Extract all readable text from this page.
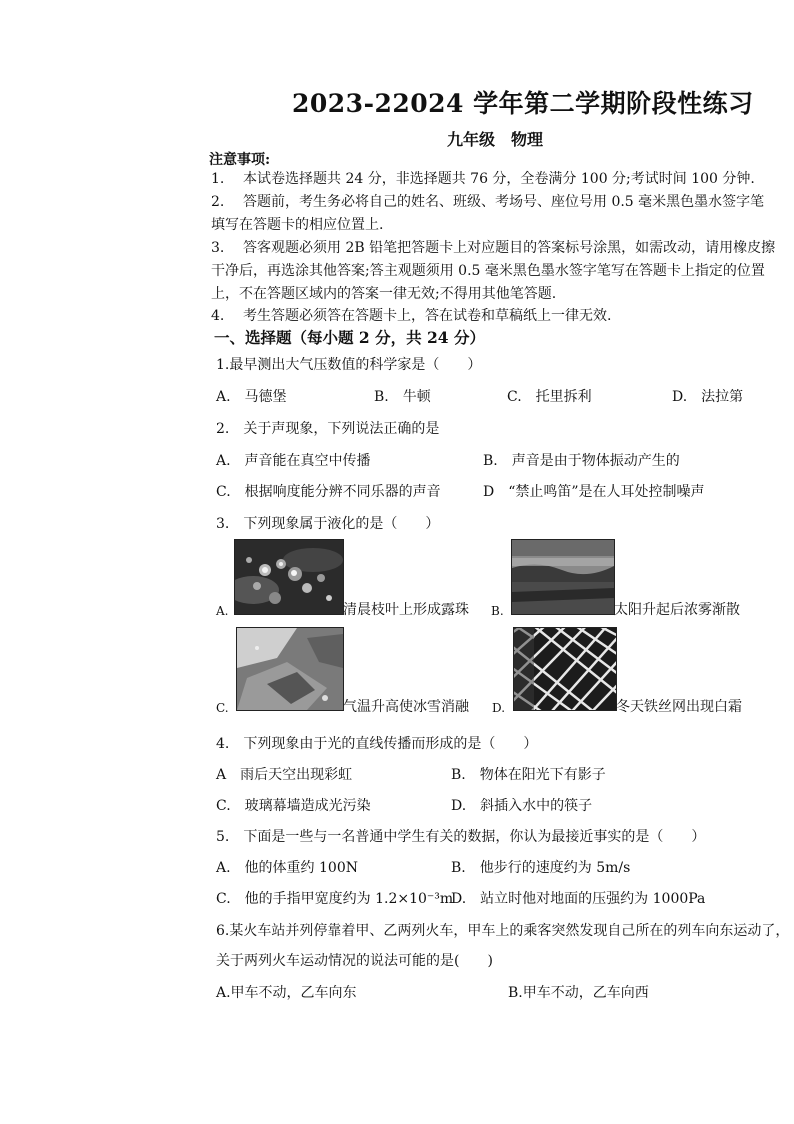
2023-22024 学年第二学期阶段性练习
九年级　物理
注意事项:
1. 本试卷选择题共 24 分，非选择题共 76 分，全卷满分 100 分;考试时间 100 分钟.
2. 答题前，考生务必将自己的姓名、班级、考场号、座位号用 0.5 毫米黑色墨水签字笔
填写在答题卡的相应位置上.
3. 答客观题必须用 2B 铅笔把答题卡上对应题目的答案标号涂黑，如需改动，请用橡皮擦
干净后，再选涂其他答案;答主观题须用 0.5 毫米黑色墨水签字笔写在答题卡上指定的位置
上，不在答题区域内的答案一律无效;不得用其他笔答题.
4. 考生答题必须答在答题卡上，答在试卷和草稿纸上一律无效.
一、选择题（每小题 2 分，共 24 分）
1.最早测出大气压数值的科学家是（　　）
A.　马德堡	B.　牛顿	C.　托里拆利	D.　法拉第
2.　关于声现象，下列说法正确的是
A.　声音能在真空中传播	B.　声音是由于物体振动产生的
C.　根据响度能分辨不同乐器的声音	D　“禁止鸣笛”是在人耳处控制噪声
3.　下列现象属于液化的是（　　）
A.	清晨枝叶上形成露珠 B.	太阳升起后浓雾渐散
C.	气温升高使冰雪消融 D.	冬天铁丝网出现白霜
4.　下列现象由于光的直线传播而形成的是（　　）
A　雨后天空出现彩虹	B.　物体在阳光下有影子
C.　玻璃幕墙造成光污染	D.　斜插入水中的筷子
5.　下面是一些与一名普通中学生有关的数据，你认为最接近事实的是（　　）
A.　他的体重约 100N	B.　他步行的速度约为 5m/s
C.　他的手指甲宽度约为 1.2×10⁻³m
D.　站立时他对地面的压强约为 1000Pa
6.某火车站并列停靠着甲、乙两列火车，甲车上的乘客突然发现自己所在的列车向东运动了，
关于两列火车运动情况的说法可能的是(　　)
A.甲车不动，乙车向东	B.甲车不动，乙车向西
